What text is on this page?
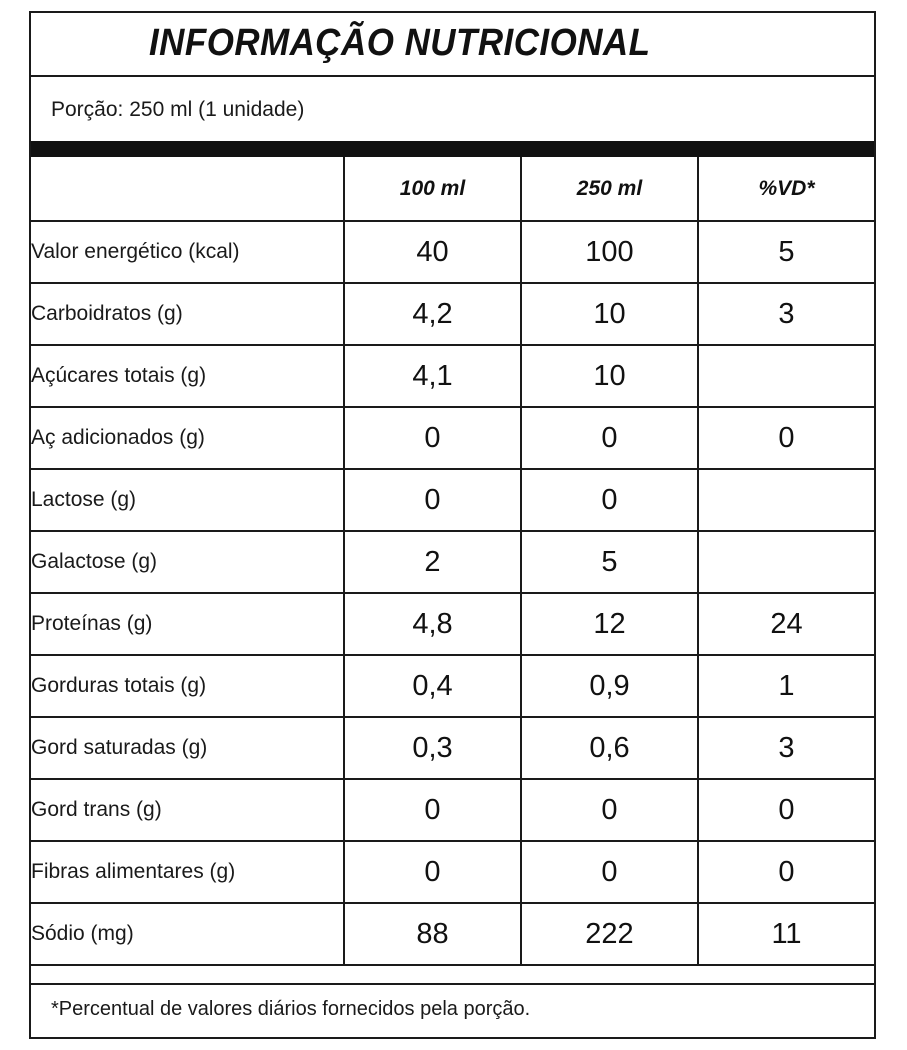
INFORMAÇÃO NUTRICIONAL
Porção: 250 ml (1 unidade)
	100 ml	250 ml	%VD*
Valor energético (kcal)	40	100	5
Carboidratos (g)	4,2	10	3
Açúcares totais (g)	4,1	10	
Aç adicionados (g)	0	0	0
Lactose (g)	0	0	
Galactose (g)	2	5	
Proteínas (g)	4,8	12	24
Gorduras totais (g)	0,4	0,9	1
Gord saturadas (g)	0,3	0,6	3
Gord trans (g)	0	0	0
Fibras alimentares (g)	0	0	0
Sódio (mg)	88	222	11
*Percentual de valores diários fornecidos pela porção.
